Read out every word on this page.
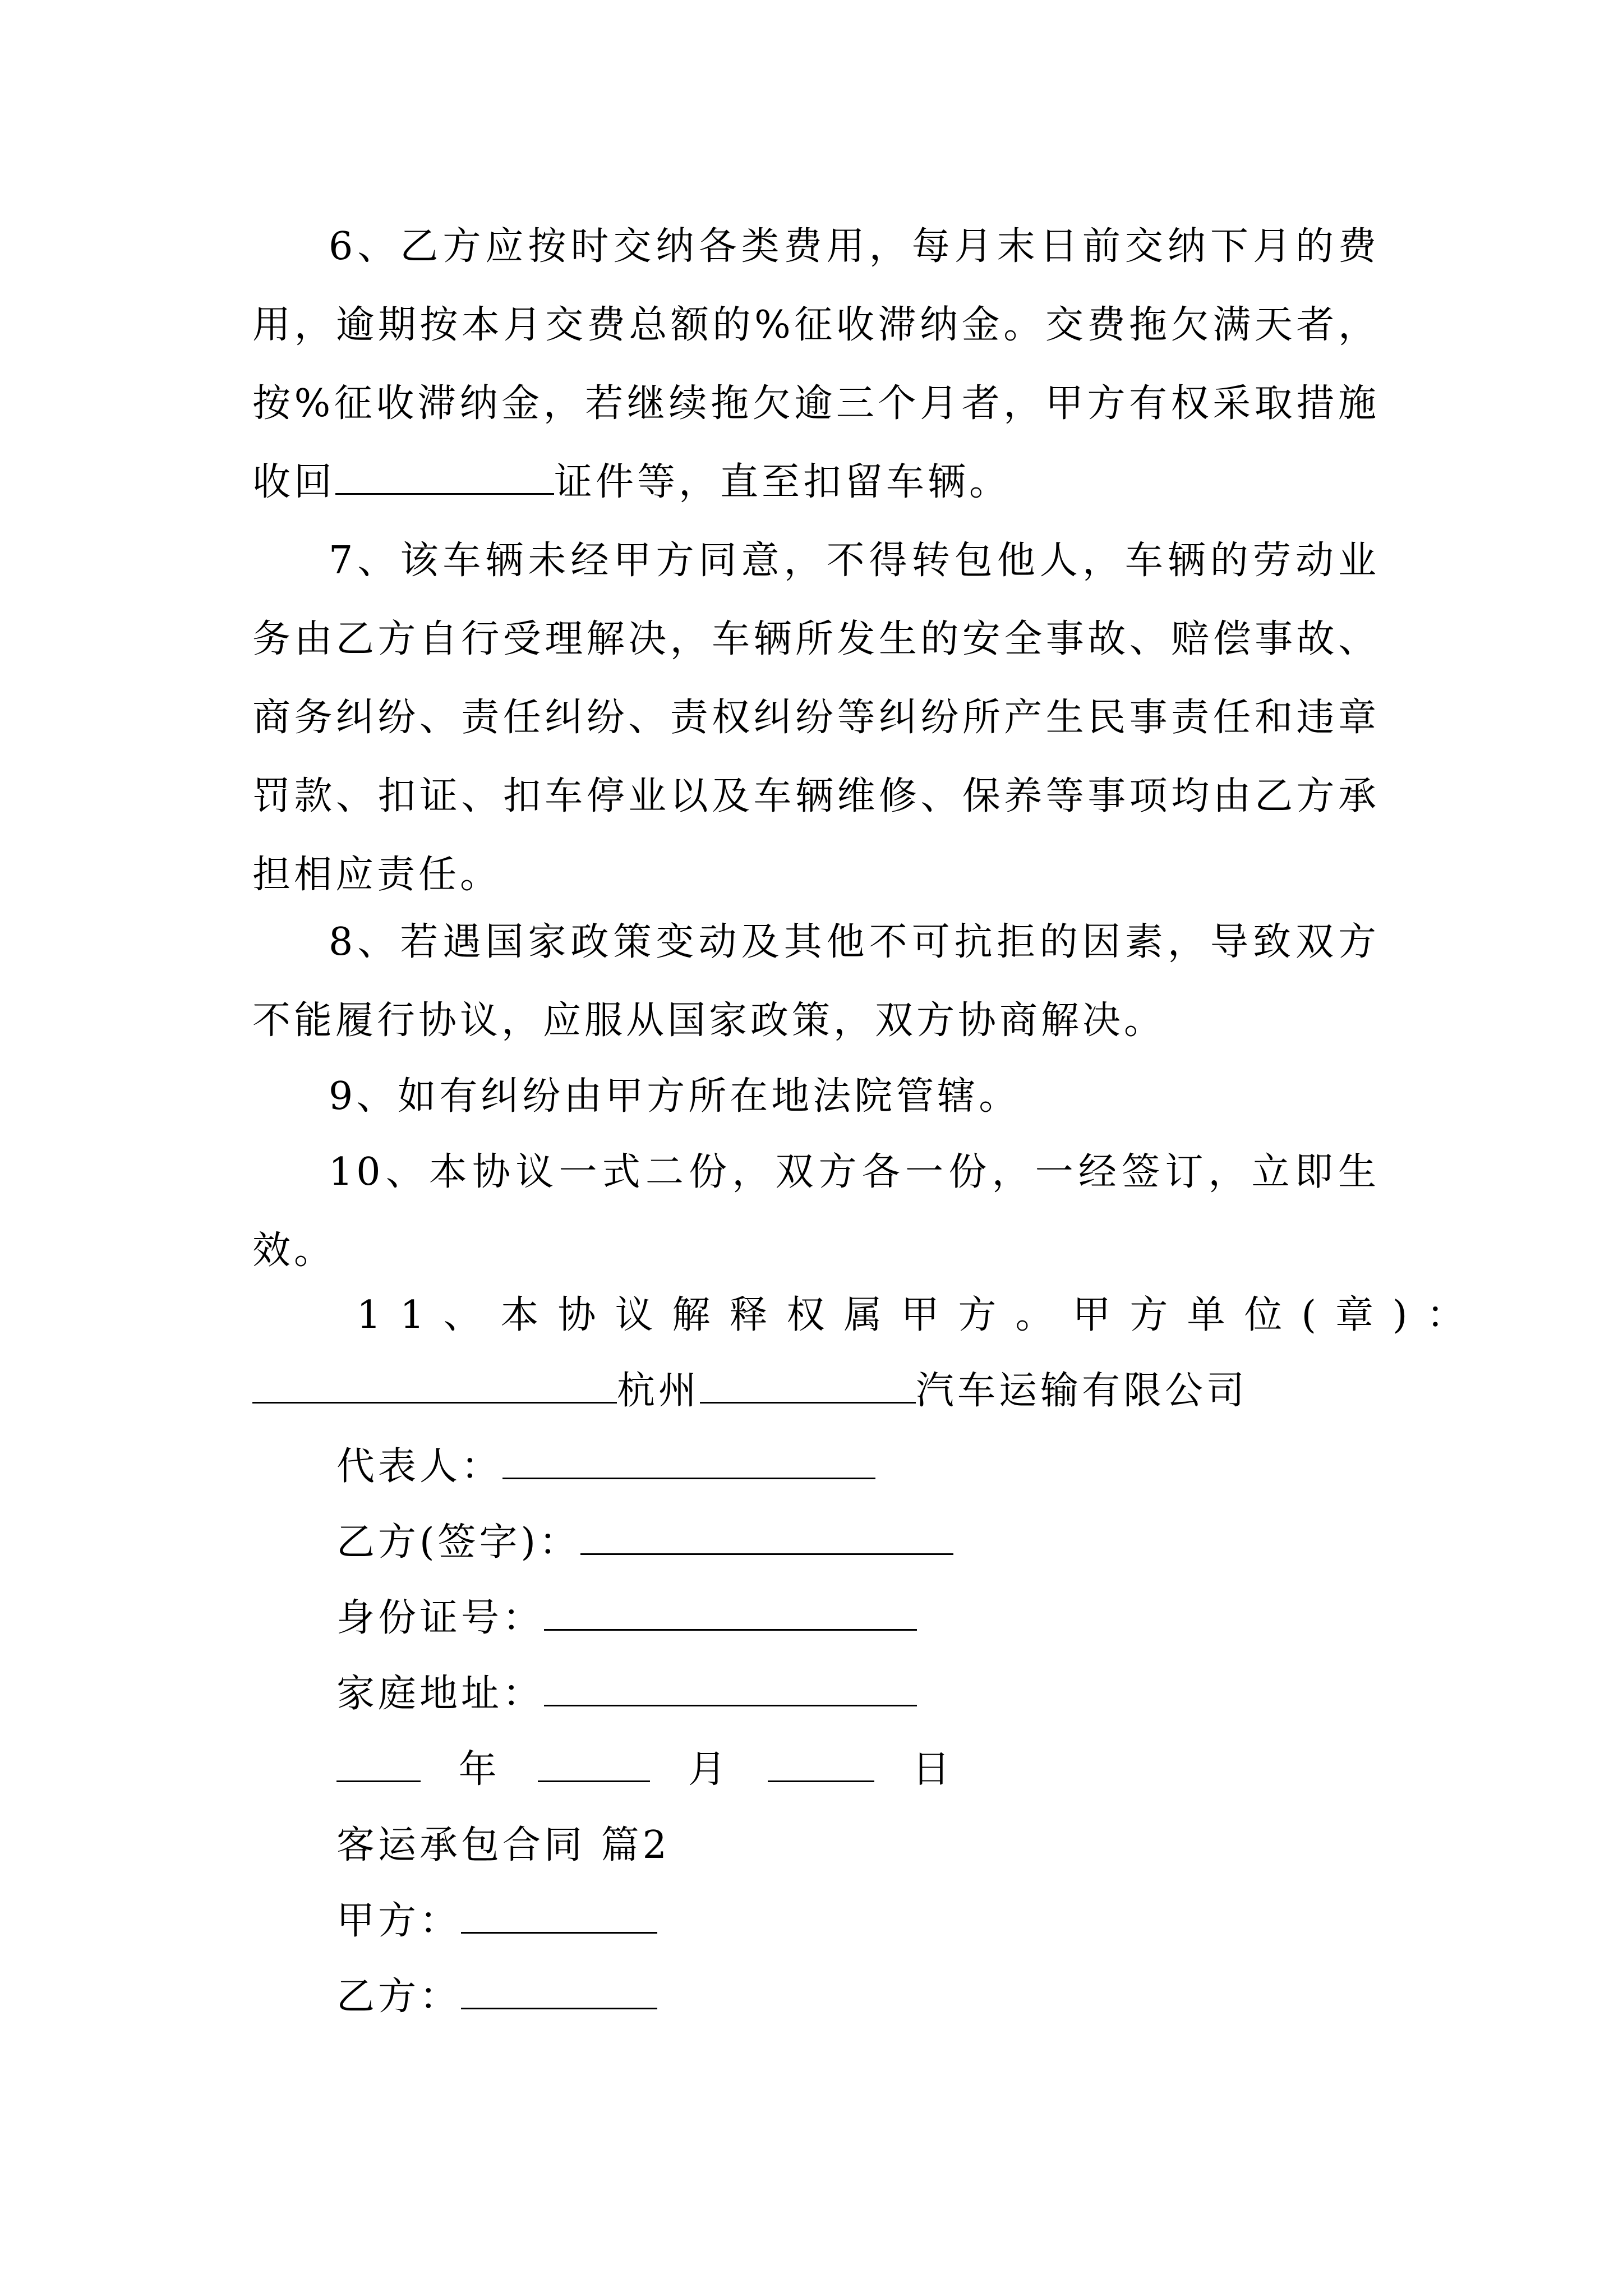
6、乙方应按时交纳各类费用，每月末日前交纳下月的费用，逾期按本月交费总额的%征收滞纳金。交费拖欠满天者，按%征收滞纳金，若继续拖欠逾三个月者，甲方有权采取措施收回	证件等，直至扣留车辆。
7、该车辆未经甲方同意，不得转包他人，车辆的劳动业务由乙方自行受理解决，车辆所发生的安全事故、赔偿事故、商务纠纷、责任纠纷、责权纠纷等纠纷所产生民事责任和违章罚款、扣证、扣车停业以及车辆维修、保养等事项均由乙方承担相应责任。
8、若遇国家政策变动及其他不可抗拒的因素，导致双方不能履行协议，应服从国家政策，双方协商解决。
9、如有纠纷由甲方所在地法院管辖。
10、本协议一式二份，双方各一份，一经签订，立即生效。
11、本协议解释权属甲方。甲方单位(章)：
杭州	汽车运输有限公司
代表人：
乙方(签字)：
身份证号：
家庭地址：
年	月	日
客运承包合同 篇2
甲方：
乙方：
